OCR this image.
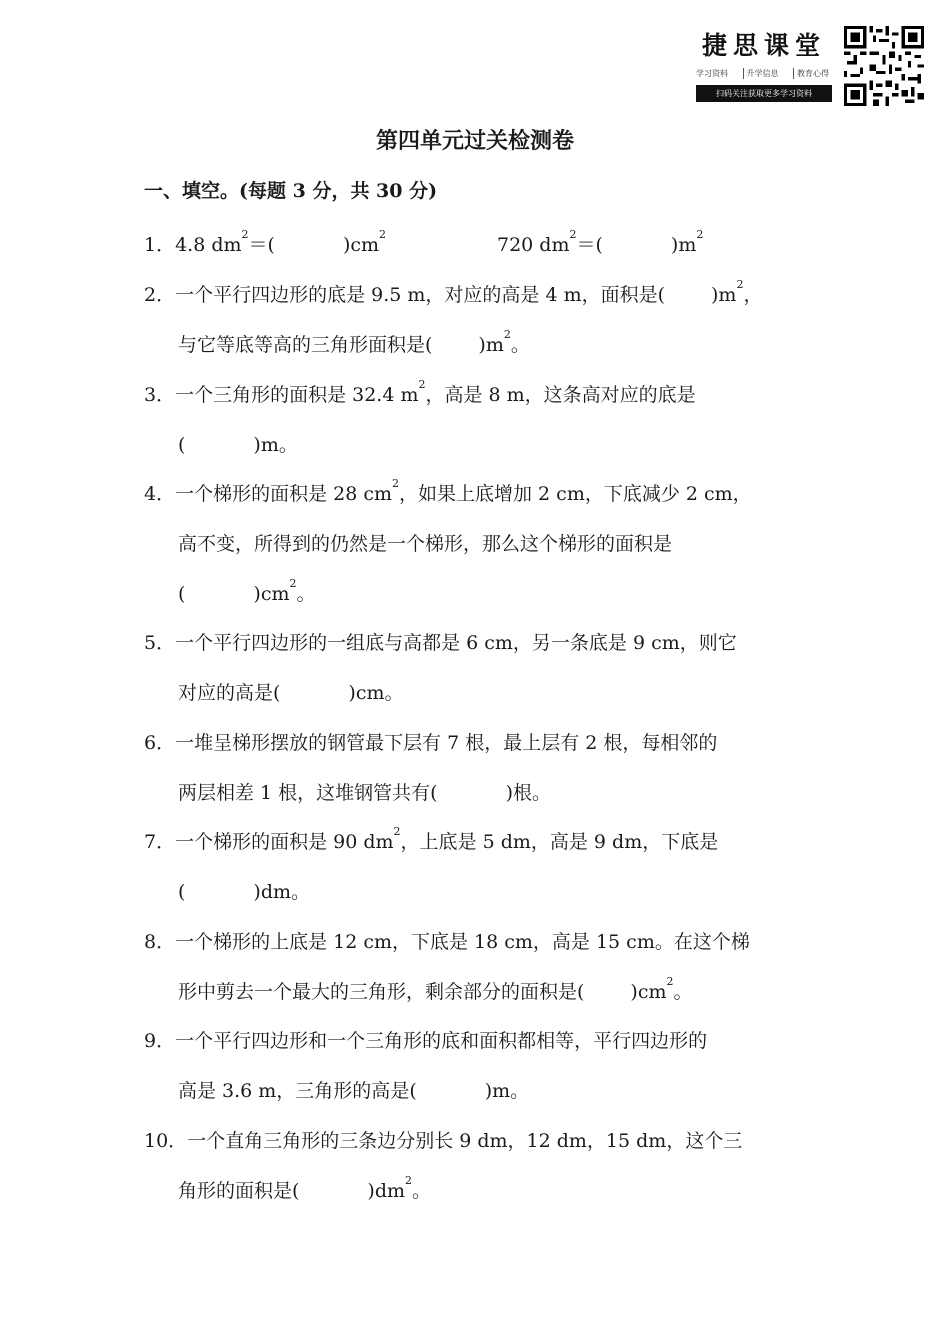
捷思课堂
学习资料	升学信息	教育心得
扫码关注获取更多学习资料
第四单元过关检测卷
一、填空。(每题 3 分，共 30 分)
1．4.8 $dm^2=$(	)$cm^2$	720 $dm^2=$(	)$m^2$
2．一个平行四边形的底是 9.5 m，对应的高是 4 m，面积是( )$m^2$，
与它等底等高的三角形面积是( )$m^2$。
3．一个三角形的面积是 32.4 $m^2$，高是 8 m，这条高对应的底是
(	)m。
4．一个梯形的面积是 28 $cm^2$，如果上底增加 2 cm，下底减少 2 cm，
高不变，所得到的仍然是一个梯形，那么这个梯形的面积是
(	)$cm^2$。
5．一个平行四边形的一组底与高都是 6 cm，另一条底是 9 cm，则它
对应的高是(	)cm。
6．一堆呈梯形摆放的钢管最下层有 7 根，最上层有 2 根，每相邻的
两层相差 1 根，这堆钢管共有(	)根。
7．一个梯形的面积是 90 $dm^2$，上底是 5 dm，高是 9 dm，下底是
(	)dm。
8．一个梯形的上底是 12 cm，下底是 18 cm，高是 15 cm。在这个梯
形中剪去一个最大的三角形，剩余部分的面积是( )$cm^2$。
9．一个平行四边形和一个三角形的底和面积都相等，平行四边形的
高是 3.6 m，三角形的高是(	)m。
10．一个直角三角形的三条边分别长 9 dm，12 dm，15 dm，这个三
角形的面积是(	)$dm^2$。
